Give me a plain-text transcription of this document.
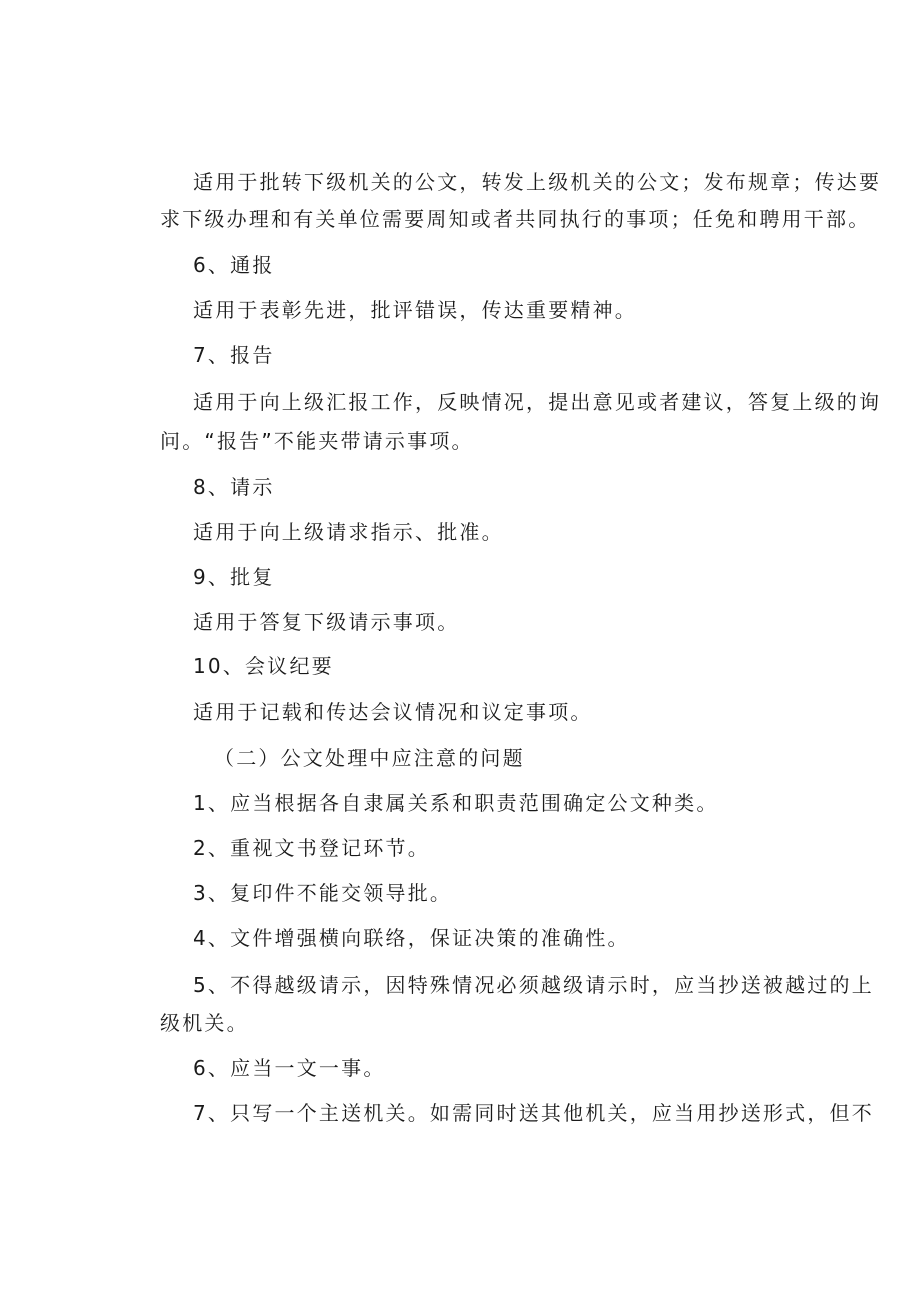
适用于批转下级机关的公文，转发上级机关的公文；发布规章；传达要
求下级办理和有关单位需要周知或者共同执行的事项；任免和聘用干部。
6、通报
适用于表彰先进，批评错误，传达重要精神。
7、报告
适用于向上级汇报工作，反映情况，提出意见或者建议，答复上级的询
问。“报告”不能夹带请示事项。
8、请示
适用于向上级请求指示、批准。
9、批复
适用于答复下级请示事项。
10、会议纪要
适用于记载和传达会议情况和议定事项。
（二）公文处理中应注意的问题
1、应当根据各自隶属关系和职责范围确定公文种类。
2、重视文书登记环节。
3、复印件不能交领导批。
4、文件增强横向联络，保证决策的准确性。
5、不得越级请示，因特殊情况必须越级请示时，应当抄送被越过的上
级机关。
6、应当一文一事。
7、只写一个主送机关。如需同时送其他机关，应当用抄送形式，但不
